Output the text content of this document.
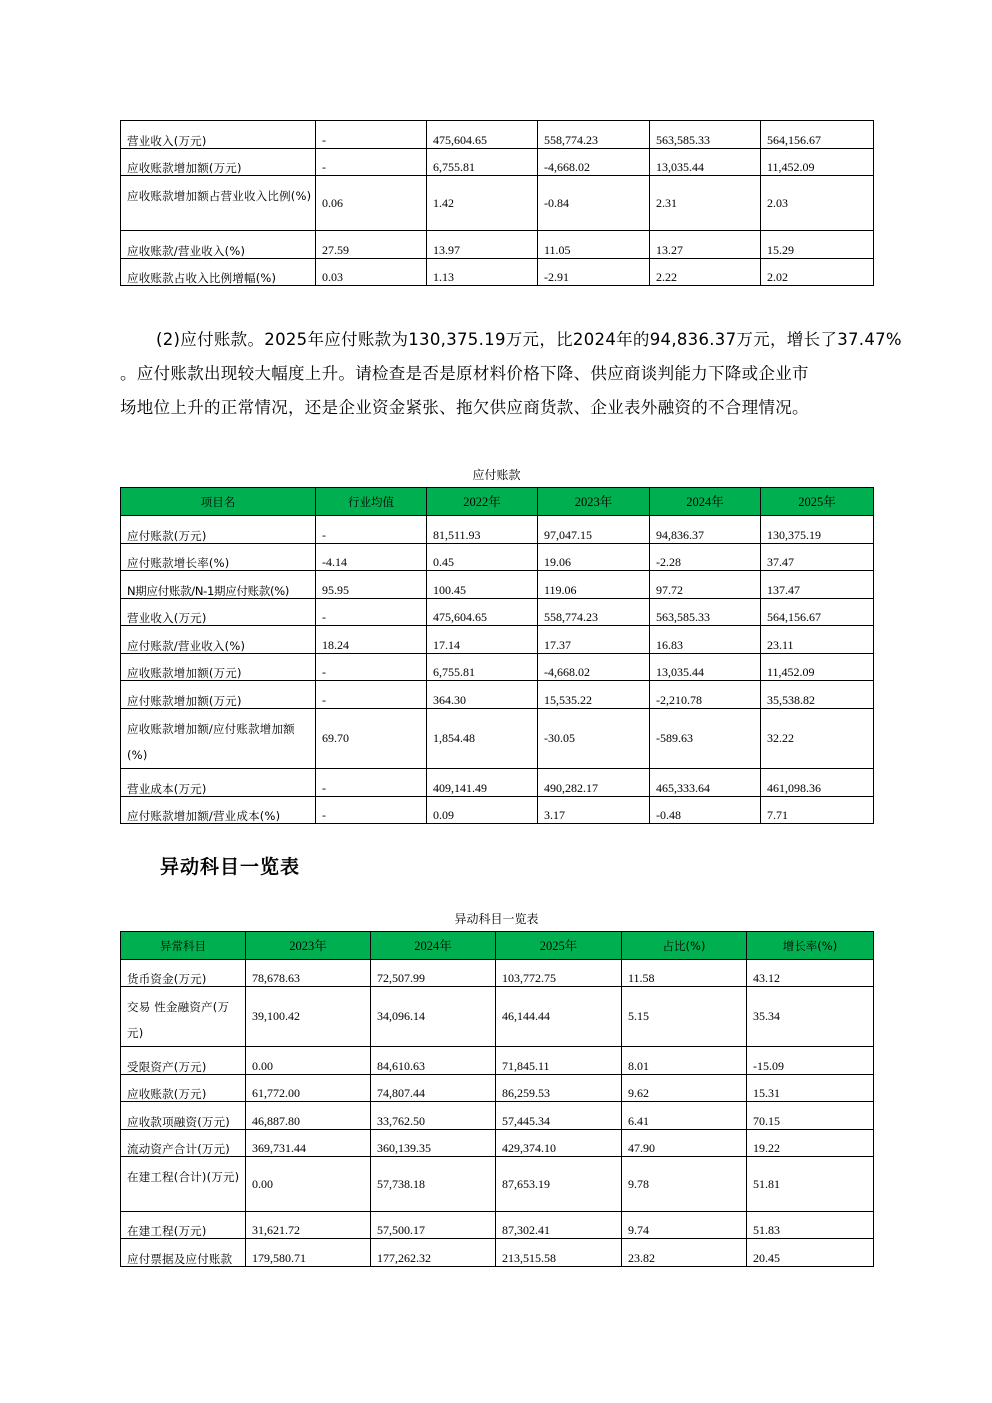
营业收入(万元)	-	475,604.65	558,774.23	563,585.33	564,156.67
应收账款增加额(万元)	-	6,755.81	-4,668.02	13,035.44	11,452.09
应收账款增加额占营业收入比例(%)	0.06	1.42	-0.84	2.31	2.03
应收账款/营业收入(%)	27.59	13.97	11.05	13.27	15.29
应收账款占收入比例增幅(%)	0.03	1.13	-2.91	2.22	2.02
(2)应付账款。2025年应付账款为130,375.19万元，比2024年的94,836.37万元，增长了37.47%
。应付账款出现较大幅度上升。请检查是否是原材料价格下降、供应商谈判能力下降或企业市
场地位上升的正常情况，还是企业资金紧张、拖欠供应商货款、企业表外融资的不合理情况。
应付账款
项目名	行业均值	2022年	2023年	2024年	2025年
应付账款(万元)	-	81,511.93	97,047.15	94,836.37	130,375.19
应付账款增长率(%)	-4.14	0.45	19.06	-2.28	37.47
N期应付账款/N-1期应付账款(%)	95.95	100.45	119.06	97.72	137.47
营业收入(万元)	-	475,604.65	558,774.23	563,585.33	564,156.67
应付账款/营业收入(%)	18.24	17.14	17.37	16.83	23.11
应收账款增加额(万元)	-	6,755.81	-4,668.02	13,035.44	11,452.09
应付账款增加额(万元)	-	364.30	15,535.22	-2,210.78	35,538.82
应收账款增加额/应付账款增加额(%)	69.70	1,854.48	-30.05	-589.63	32.22
营业成本(万元)	-	409,141.49	490,282.17	465,333.64	461,098.36
应付账款增加额/营业成本(%)	-	0.09	3.17	-0.48	7.71
异动科目一览表
异动科目一览表
异常科目	2023年	2024年	2025年	占比(%)	增长率(%)
货币资金(万元)	78,678.63	72,507.99	103,772.75	11.58	43.12
交易 性金融资产(万元)	39,100.42	34,096.14	46,144.44	5.15	35.34
受限资产(万元)	0.00	84,610.63	71,845.11	8.01	-15.09
应收账款(万元)	61,772.00	74,807.44	86,259.53	9.62	15.31
应收款项融资(万元)	46,887.80	33,762.50	57,445.34	6.41	70.15
流动资产合计(万元)	369,731.44	360,139.35	429,374.10	47.90	19.22
在建工程(合计)(万元)	0.00	57,738.18	87,653.19	9.78	51.81
在建工程(万元)	31,621.72	57,500.17	87,302.41	9.74	51.83
应付票据及应付账款	179,580.71	177,262.32	213,515.58	23.82	20.45
